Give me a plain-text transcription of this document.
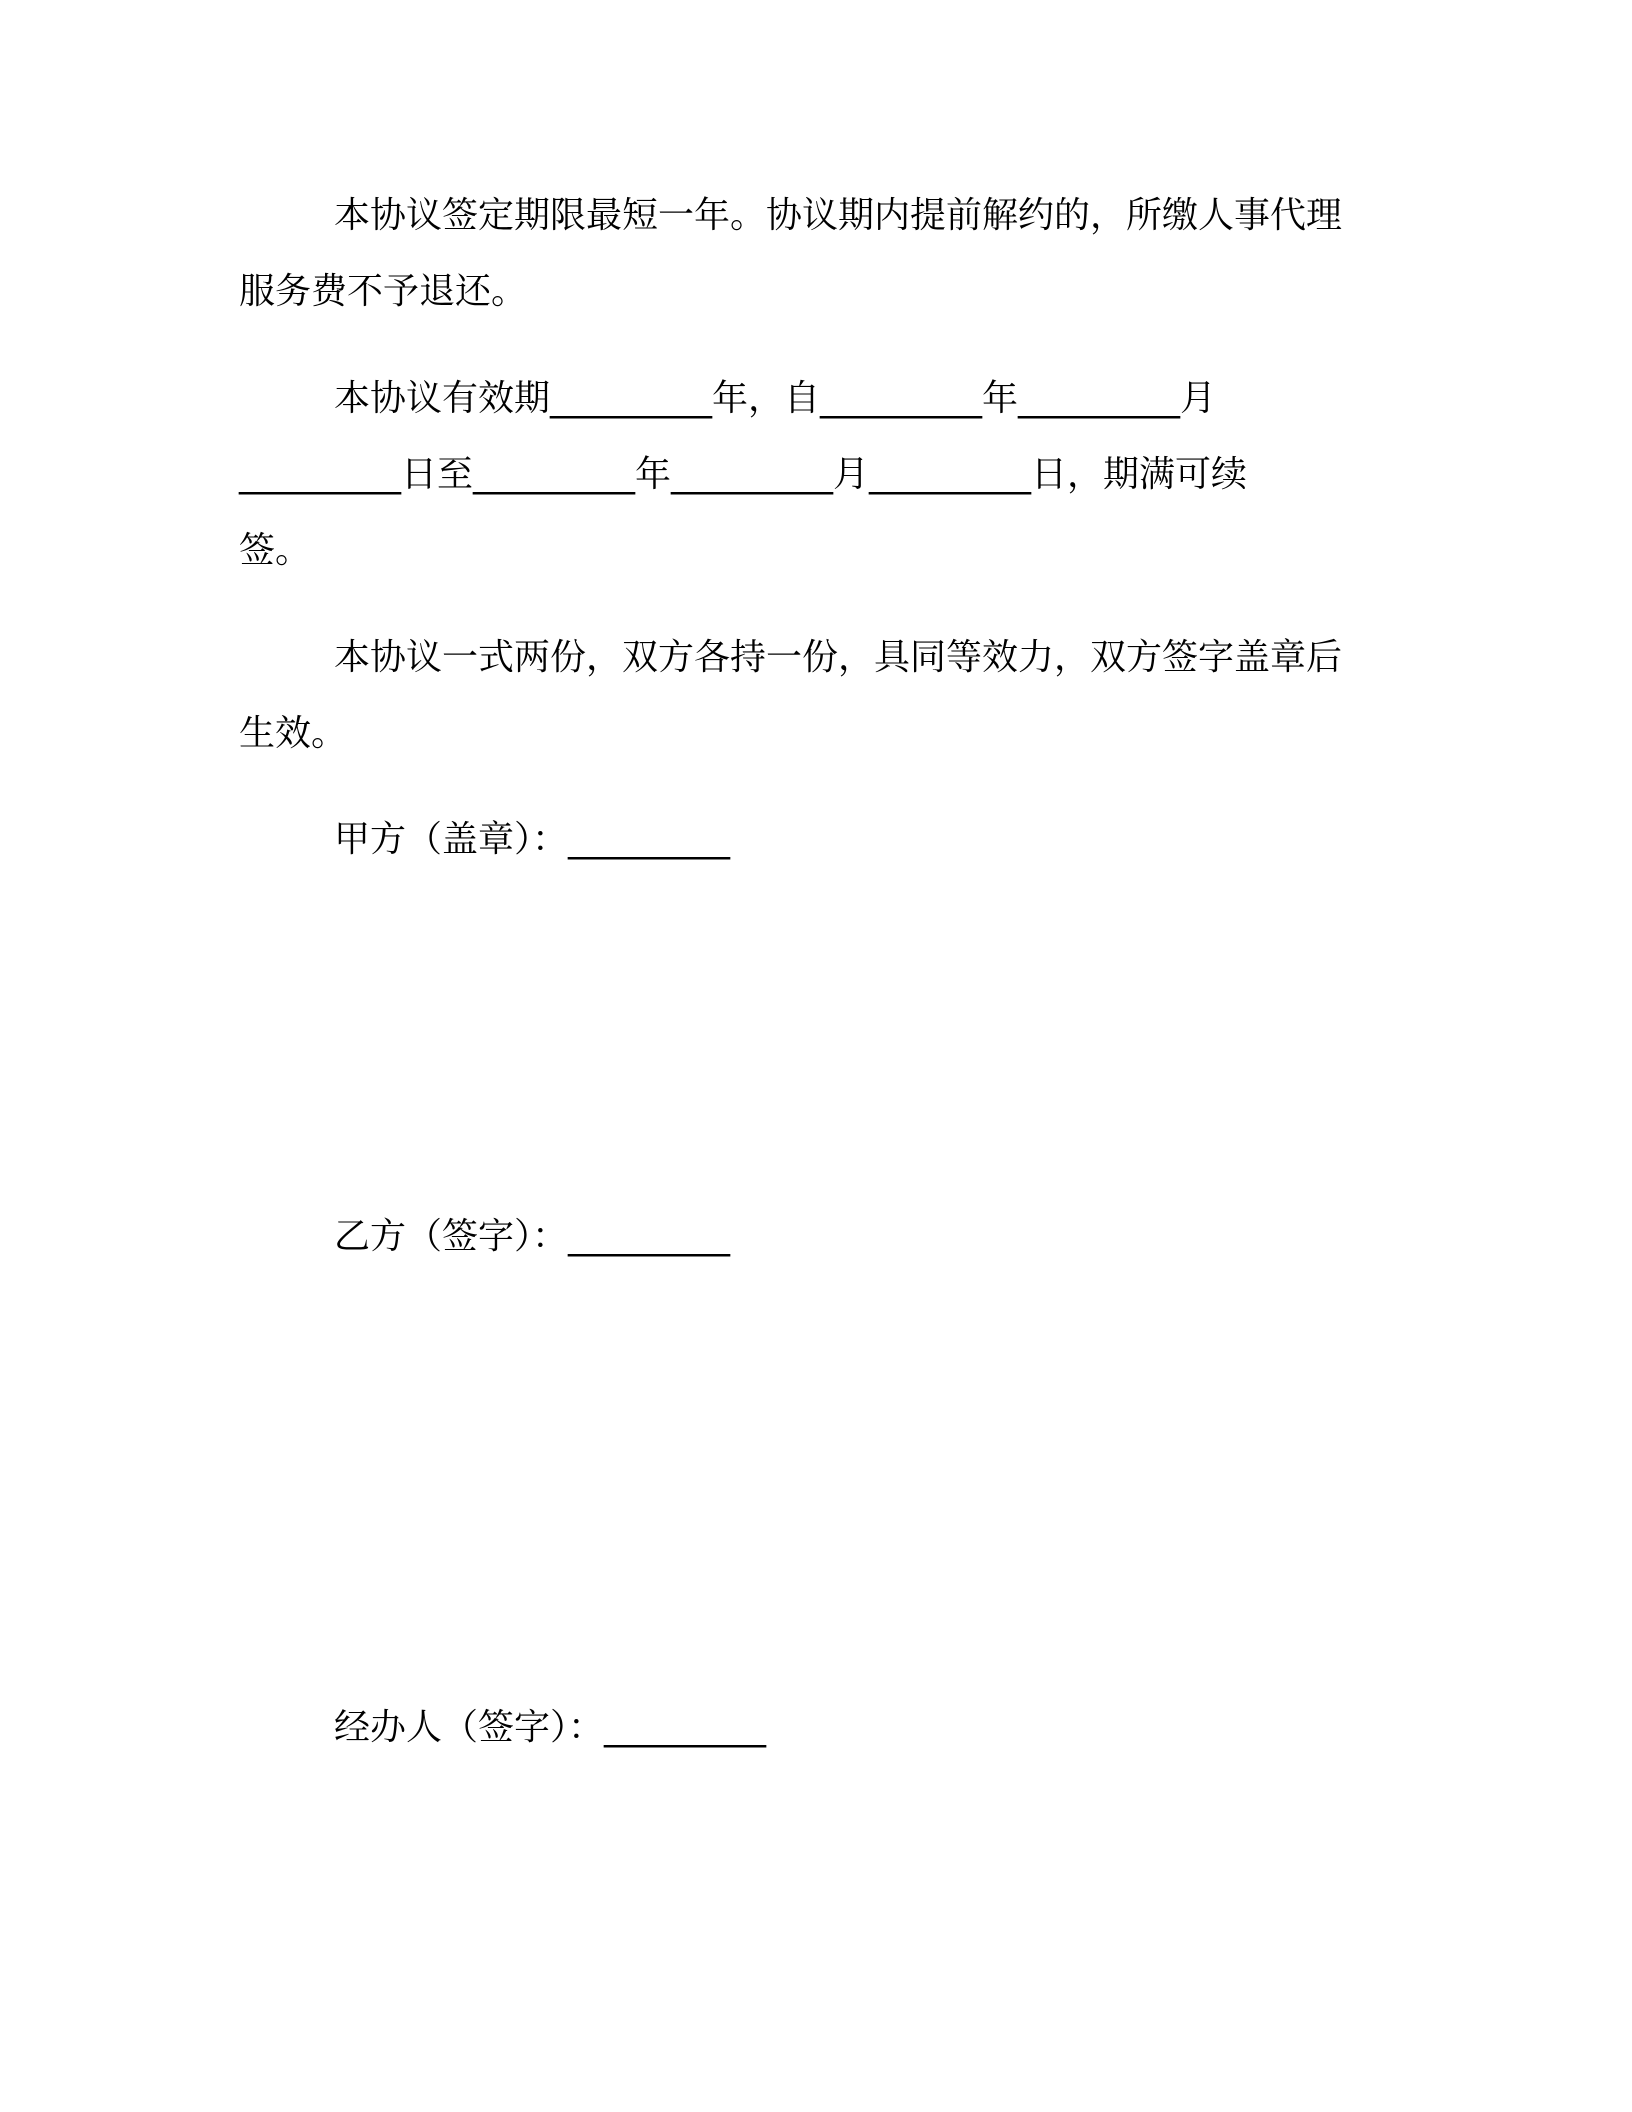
本协议签定期限最短一年。协议期内提前解约的，所缴人事代理
服务费不予退还。
本协议有效期_________年，自_________年_________月
_________日至_________年_________月_________日，期满可续
签。
本协议一式两份，双方各持一份，具同等效力，双方签字盖章后
生效。
甲方（盖章）：_________
乙方（签字）：_________
经办人（签字）：_________
